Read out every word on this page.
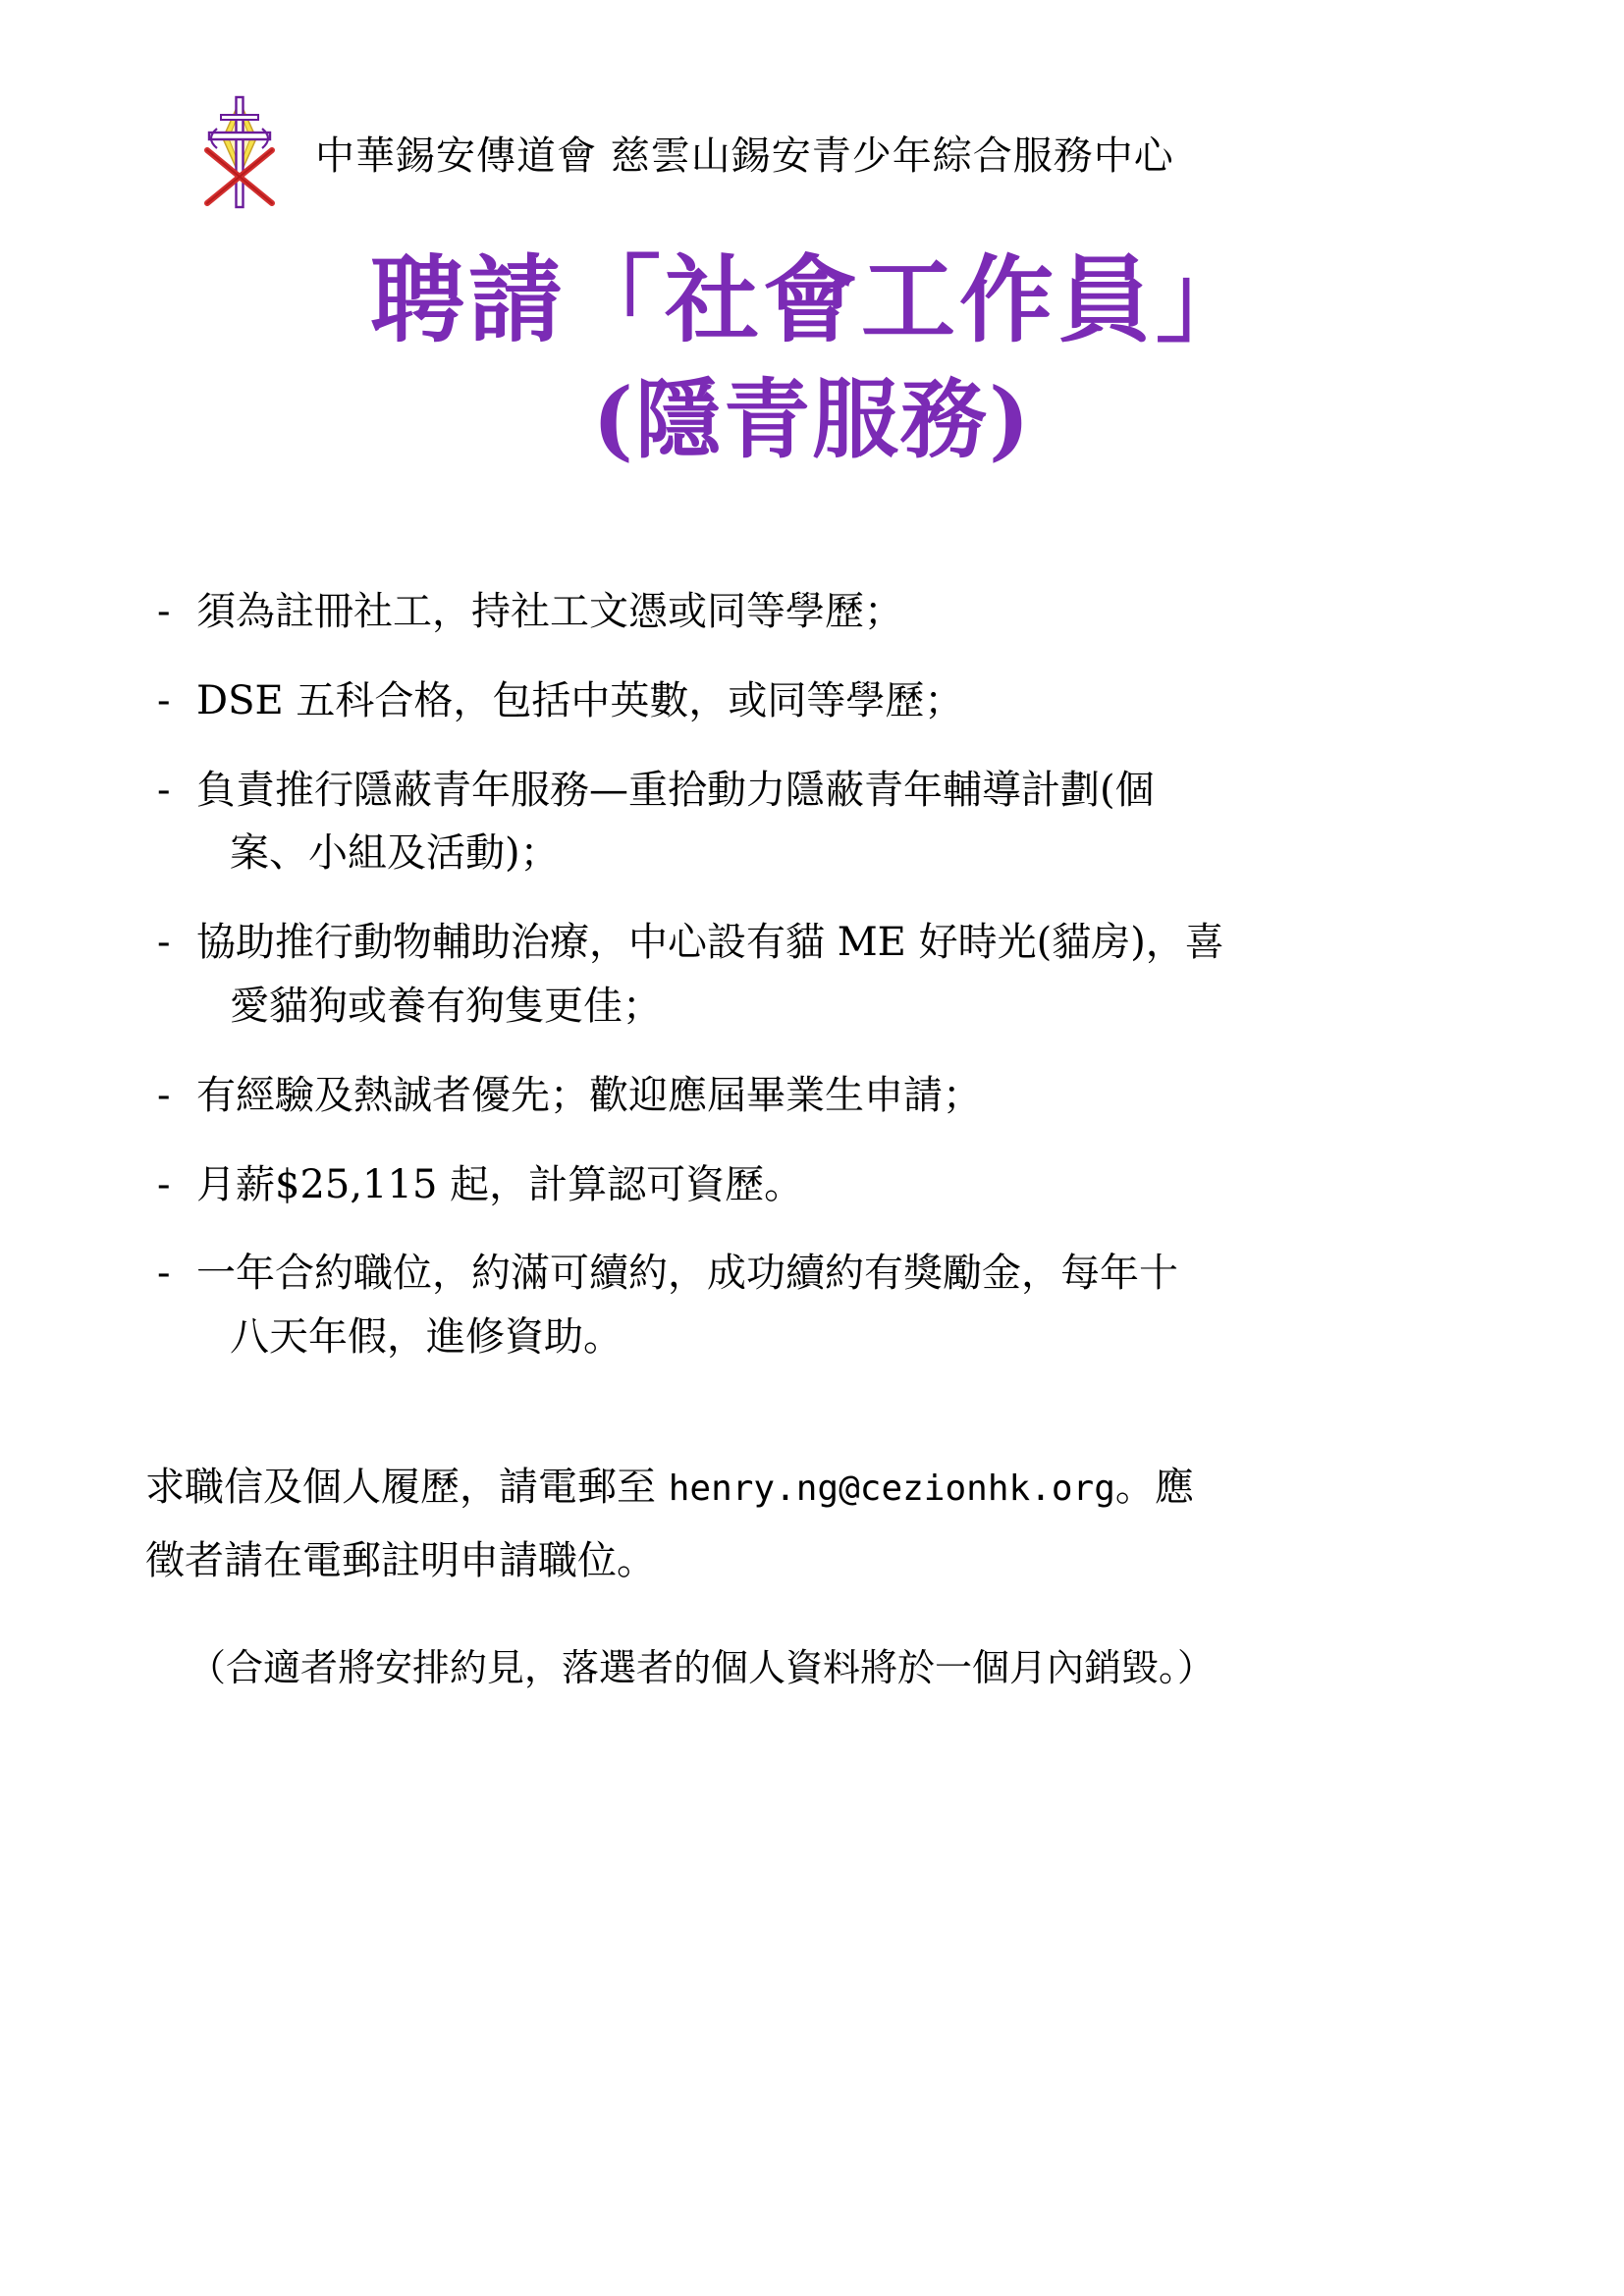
中華錫安傳道會 慈雲山錫安青少年綜合服務中心
聘請「社會工作員」
(隱青服務)
- 須為註冊社工，持社工文憑或同等學歷；
- DSE 五科合格，包括中英數，或同等學歷；
- 負責推行隱蔽青年服務—重拾動力隱蔽青年輔導計劃(個
案、小組及活動)；
- 協助推行動物輔助治療，中心設有貓 ME 好時光(貓房)，喜
愛貓狗或養有狗隻更佳；
- 有經驗及熱誠者優先；歡迎應屆畢業生申請；
- 月薪$25,115 起，計算認可資歷。
- 一年合約職位，約滿可續約，成功續約有獎勵金，每年十
八天年假，進修資助。

求職信及個人履歷，請電郵至 henry.ng@cezionhk.org。應

徵者請在電郵註明申請職位。

（合適者將安排約見，落選者的個人資料將於一個月內銷毀。）
